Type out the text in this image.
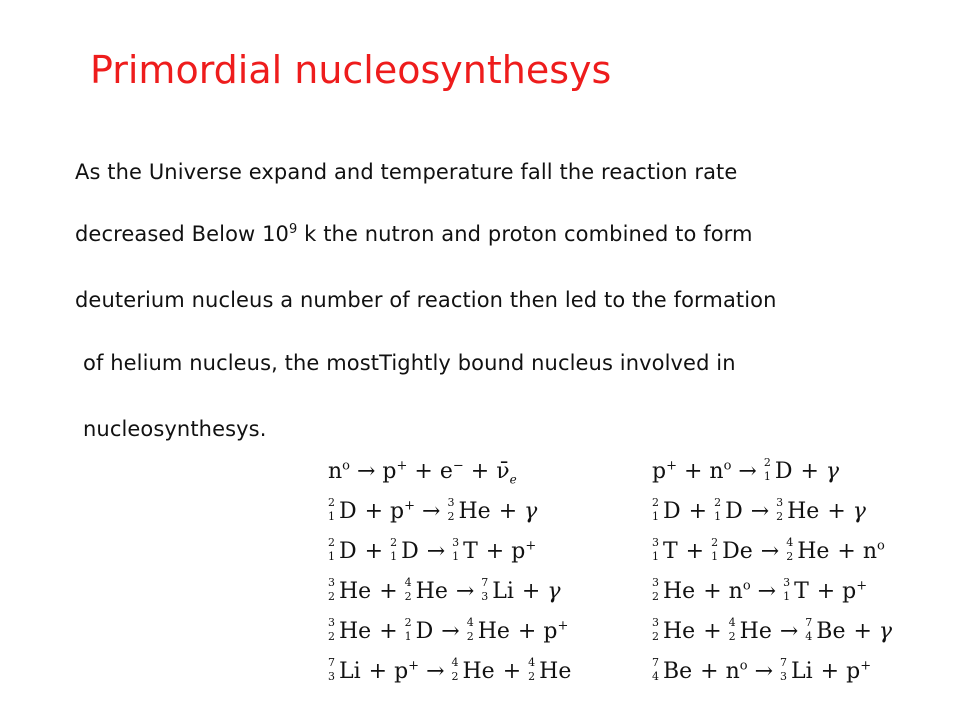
Primordial nucleosynthesys
As the Universe expand and temperature fall the reaction rate
decreased Below $10^9$ k the nutron and proton combined to form
deuterium nucleus a number of reaction then led to the formation
of helium nucleus, the mostTightly bound nucleus involved in
nucleosynthesys.
$n^o \to p^+ + e^-$ + $\nū_e$
2
1 D + p+ → 3
2 He + γ
2
1 D + 2
1 D → 3
1 T + p+
3
2 He + 4
2 He → 7
3 Li + γ
3
2 He + 2
1 D → 4
2 He + p+
7
3 Li + p+ → 4
2 He + 4
2 He
$p^+ + n^o \to 2$
1 D + γ
2
1 D + 2
1 D → 3
2 He + γ
3
1 T + 2
1 De → 4
2 $He + n^o$
3
2 $He + n^o \to 3$
1 T + p+
3
2 He + 4
2 He → 7
4 Be + γ
7
4 $Be + n^o \to 7$
3 Li + p+
